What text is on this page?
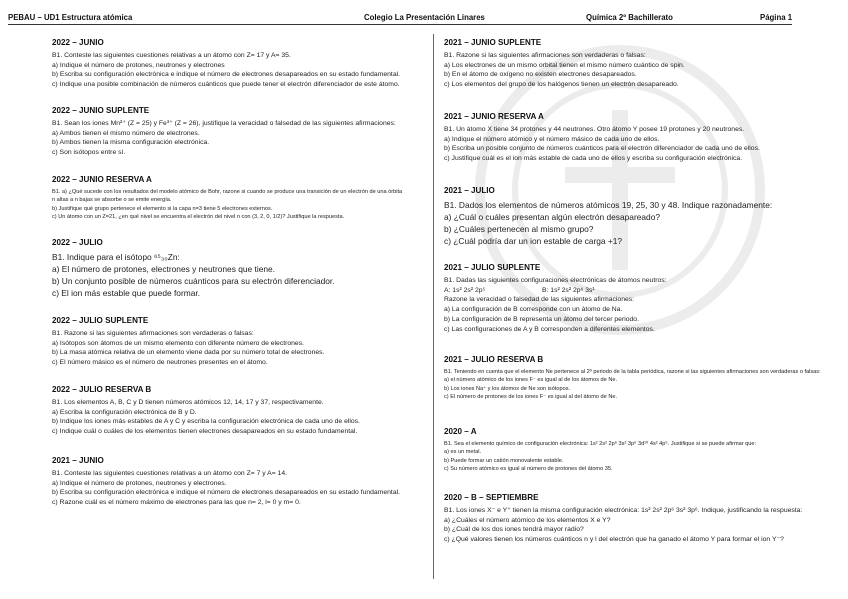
PEBAU – UD1 Estructura atómica	Colegio La Presentación Linares	Química 2º Bachillerato	Página 1
2022 – JUNIO
B1. Conteste las siguientes cuestiones relativas a un átomo con Z= 17 y A= 35.
a) Indique el número de protones, neutrones y electrones
b) Escriba su configuración electrónica e indique el número de electrones desapareados en su estado fundamental.
c) Indique una posible combinación de números cuánticos que puede tener el electrón diferenciador de este átomo.
2022 – JUNIO SUPLENTE
B1. Sean los iones Mn²⁺ (Z = 25) y Fe³⁺ (Z = 26), justifique la veracidad o falsedad de las siguientes afirmaciones:
a) Ambos tienen el mismo número de electrones.
b) Ambos tienen la misma configuración electrónica.
c) Son isótopos entre sí.
2022 – JUNIO RESERVA A
B1. a) ¿Qué sucede con los resultados del modelo atómico de Bohr, razone si cuando se produce una transición de un electrón de una órbita
n altas a n bajas se absorbe o se emite energía.
b) Justifique qué grupo pertenece el elemento si la capa n=3 tiene 5 electrones externos.
c) Un átomo con un Z=21, ¿en qué nivel se encuentra el electrón del nivel n con (3, 2, 0, 1/2)? Justifique la respuesta.
2022 – JULIO
B1. Indique para el isótopo ⁶⁵₃₀Zn:
a) El número de protones, electrones y neutrones que tiene.
b) Un conjunto posible de números cuánticos para su electrón diferenciador.
c) El ion más estable que puede formar.
2022 – JULIO SUPLENTE
B1. Razone si las siguientes afirmaciones son verdaderas o falsas:
a) Isótopos son átomos de un mismo elemento con diferente número de electrones.
b) La masa atómica relativa de un elemento viene dada por su número total de electrones.
c) El número másico es el número de neutrones presentes en el átomo.
2022 – JULIO RESERVA B
B1. Los elementos A, B, C y D tienen números atómicos 12, 14, 17 y 37, respectivamente.
a) Escriba la configuración electrónica de B y D.
b) Indique los iones más estables de A y C y escriba la configuración electrónica de cada uno de ellos.
c) Indique cuál o cuáles de los elementos tienen electrones desapareados en su estado fundamental.
2021 – JUNIO
B1. Conteste las siguientes cuestiones relativas a un átomo con Z= 7 y A= 14.
a) Indique el número de protones, neutrones y electrones.
b) Escriba su configuración electrónica e indique el número de electrones desapareados en su estado fundamental.
c) Razone cuál es el número máximo de electrones para las que n= 2, l= 0 y m= 0.
2021 – JUNIO SUPLENTE
B1. Razone si las siguientes afirmaciones son verdaderas o falsas:
a) Los electrones de un mismo orbital tienen el mismo número cuántico de spin.
b) En el átomo de oxígeno no existen electrones desapareados.
c) Los elementos del grupo de los halógenos tienen un electrón desapareado.
2021 – JUNIO RESERVA A
B1. Un átomo X tiene 34 protones y 44 neutrones. Otro átomo Y posee 19 protones y 20 neutrones.
a) Indique el número atómico y el número másico de cada uno de ellos.
b) Escriba un posible conjunto de números cuánticos para el electrón diferenciador de cada uno de ellos.
c) Justifique cuál es el ion más estable de cada uno de ellos y escriba su configuración electrónica.
2021 – JULIO
B1. Dados los elementos de números atómicos 19, 25, 30 y 48. Indique razonadamente:
a) ¿Cuál o cuáles presentan algún electrón desapareado?
b) ¿Cuáles pertenecen al mismo grupo?
c) ¿Cuál podría dar un ion estable de carga +1?
2021 – JULIO SUPLENTE
B1. Dadas las siguientes configuraciones electrónicas de átomos neutros:
A: 1s² 2s² 2p⁵                              B: 1s² 2s² 2p⁶ 3s¹
Razone la veracidad o falsedad de las siguientes afirmaciones:
a) La configuración de B corresponde con un átomo de Na.
b) La configuración de B representa un átomo del tercer periodo.
c) Las configuraciones de A y B corresponden a diferentes elementos.
2021 – JULIO RESERVA B
B1. Teniendo en cuenta que el elemento Ne pertenece al 2º periodo de la tabla periódica, razone si las siguientes afirmaciones son verdaderas o falsas:
a) el número atómico de los iones F⁻ es igual al de los átomos de Ne.
b) Los iones Na⁺ y los átomos de Ne son isótopos.
c) El número de protones de los iones F⁻ es igual al del átomo de Ne.
2020 – A
B1. Sea el elemento químico de configuración electrónica: 1s² 2s² 2p⁶ 3s² 3p⁶ 3d¹⁰ 4s² 4p⁵. Justifique si se puede afirmar que:
a) es un metal.
b) Puede formar un catión monovalente estable.
c) Su número atómico es igual al número de protones del átomo 35.
2020 – B – SEPTIEMBRE
B1. Los iones X⁻ e Y⁺ tienen la misma configuración electrónica: 1s² 2s² 2p⁶ 3s² 3p⁶. Indique, justificando la respuesta:
a) ¿Cuáles el número atómico de los elementos X e Y?
b) ¿Cuál de los dos iones tendrá mayor radio?
c) ¿Qué valores tienen los números cuánticos n y l del electrón que ha ganado el átomo Y para formar el ion Y⁻?
